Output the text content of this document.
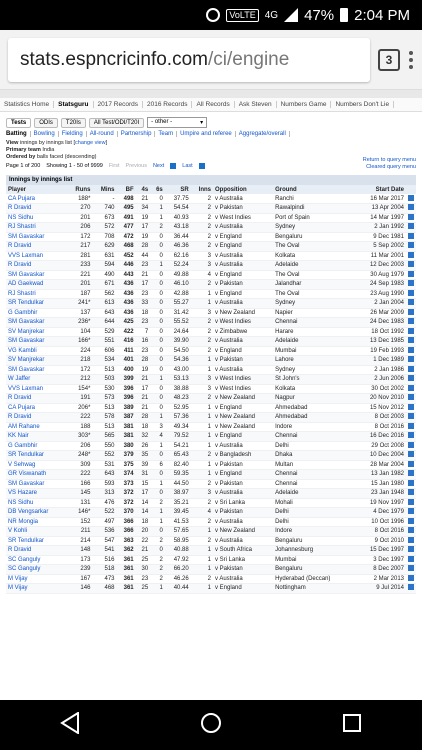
VoLTE 4G 47% 2:04 PM
stats.espncricinfo.com /ci/engine	3
Statistics Home	Statsguru	2017 Records	2016 Records	All Records	Ask Steven	Numbers Game	Numbers Don't Lie
Tests	ODIs	T20Is	All Test/ODI/T20I	- other -	▾
Batting	Bowling	Fielding	All-round	Partnership	Team	Umpire and referee	Aggregate/overall
View innings by innings list [change view]
Primary team India
Ordered by balls faced (descending)
Page 1 of 200 Showing 1 - 50 of 9999 First Previous Next	Last
Return to query menu
Cleared query menu
Innings by innings list
Player	Runs	Mins	BF	4s	6s	SR	Inns	Opposition	Ground	Start Date	
CA Pujara	188*	-	498	21	0	37.75	2	v Australia	Ranchi	16 Mar 2017	
R Dravid	270	740	495	34	1	54.54	2	v Pakistan	Rawalpindi	13 Apr 2004	
NS Sidhu	201	673	491	19	1	40.93	2	v West Indies	Port of Spain	14 Mar 1997	
RJ Shastri	206	572	477	17	2	43.18	2	v Australia	Sydney	2 Jan 1992	
SM Gavaskar	172	708	472	19	0	36.44	2	v England	Bengaluru	9 Dec 1981	
R Dravid	217	629	468	28	0	46.36	2	v England	The Oval	5 Sep 2002	
VVS Laxman	281	631	452	44	0	62.16	3	v Australia	Kolkata	11 Mar 2001	
R Dravid	233	594	446	23	1	52.24	3	v Australia	Adelaide	12 Dec 2003	
SM Gavaskar	221	490	443	21	0	49.88	4	v England	The Oval	30 Aug 1979	
AD Gaekwad	201	671	436	17	0	46.10	2	v Pakistan	Jalandhar	24 Sep 1983	
RJ Shastri	187	562	436	23	0	42.88	1	v England	The Oval	23 Aug 1990	
SR Tendulkar	241*	613	436	33	0	55.27	1	v Australia	Sydney	2 Jan 2004	
G Gambhir	137	643	436	18	0	31.42	3	v New Zealand	Napier	26 Mar 2009	
SM Gavaskar	236*	644	425	23	0	55.52	2	v West Indies	Chennai	24 Dec 1983	
SV Manjrekar	104	529	422	7	0	24.64	2	v Zimbabwe	Harare	18 Oct 1992	
SM Gavaskar	166*	551	416	16	0	39.90	2	v Australia	Adelaide	13 Dec 1985	
VG Kambli	224	606	411	23	0	54.50	2	v England	Mumbai	19 Feb 1993	
SV Manjrekar	218	534	401	28	0	54.36	1	v Pakistan	Lahore	1 Dec 1989	
SM Gavaskar	172	513	400	19	0	43.00	1	v Australia	Sydney	2 Jan 1986	
W Jaffer	212	503	399	21	1	53.13	3	v West Indies	St John's	2 Jun 2006	
VVS Laxman	154*	530	396	17	0	38.88	3	v West Indies	Kolkata	30 Oct 2002	
R Dravid	191	573	396	21	0	48.23	2	v New Zealand	Nagpur	20 Nov 2010	
CA Pujara	206*	513	389	21	0	52.95	1	v England	Ahmedabad	15 Nov 2012	
R Dravid	222	578	387	28	1	57.36	1	v New Zealand	Ahmedabad	8 Oct 2003	
AM Rahane	188	513	381	18	3	49.34	1	v New Zealand	Indore	8 Oct 2016	
KK Nair	303*	565	381	32	4	79.52	1	v England	Chennai	16 Dec 2016	
G Gambhir	206	550	380	26	1	54.21	1	v Australia	Delhi	29 Oct 2008	
SR Tendulkar	248*	552	379	35	0	65.43	2	v Bangladesh	Dhaka	10 Dec 2004	
V Sehwag	309	531	375	39	6	82.40	1	v Pakistan	Multan	28 Mar 2004	
GR Viswanath	222	643	374	31	0	59.35	1	v England	Chennai	13 Jan 1982	
SM Gavaskar	166	593	373	15	1	44.50	2	v Pakistan	Chennai	15 Jan 1980	
VS Hazare	145	313	372	17	0	38.97	3	v Australia	Adelaide	23 Jan 1948	
NS Sidhu	131	476	372	14	2	35.21	2	v Sri Lanka	Mohali	19 Nov 1997	
DB Vengsarkar	146*	522	370	14	1	39.45	4	v Pakistan	Delhi	4 Dec 1979	
NR Mongia	152	497	366	18	1	41.53	2	v Australia	Delhi	10 Oct 1996	
V Kohli	211	536	366	20	0	57.65	1	v New Zealand	Indore	8 Oct 2016	
SR Tendulkar	214	547	363	22	2	58.95	2	v Australia	Bengaluru	9 Oct 2010	
R Dravid	148	541	362	21	0	40.88	1	v South Africa	Johannesburg	15 Dec 1997	
SC Ganguly	173	516	361	25	2	47.92	1	v Sri Lanka	Mumbai	3 Dec 1997	
SC Ganguly	239	518	361	30	2	66.20	1	v Pakistan	Bengaluru	8 Dec 2007	
M Vijay	167	473	361	23	2	46.26	2	v Australia	Hyderabad (Deccan)	2 Mar 2013	
M Vijay	146	468	361	25	1	40.44	1	v England	Nottingham	9 Jul 2014	
